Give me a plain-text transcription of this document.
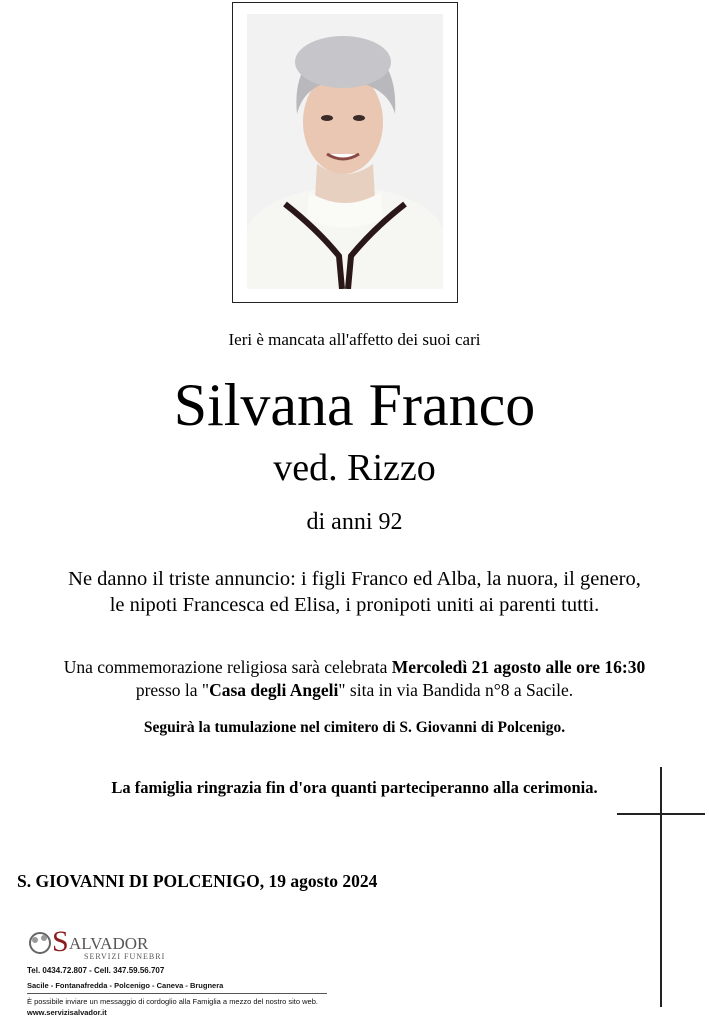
Ieri è mancata all'affetto dei suoi cari
Silvana Franco
ved. Rizzo
di anni 92
Ne danno il triste annuncio: i figli Franco ed Alba, la nuora, il genero,
le nipoti Francesca ed Elisa, i pronipoti uniti ai parenti tutti.
Una commemorazione religiosa sarà celebrata Mercoledì 21 agosto alle ore 16:30
presso la "Casa degli Angeli" sita in via Bandida n°8 a Sacile.
Seguirà la tumulazione nel cimitero di S. Giovanni di Polcenigo.
La famiglia ringrazia fin d'ora quanti parteciperanno alla cerimonia.
S. GIOVANNI DI POLCENIGO, 19 agosto 2024
S ALVADOR
SERVIZI FUNEBRI
Tel. 0434.72.807 - Cell. 347.59.56.707
Sacile - Fontanafredda - Polcenigo - Caneva - Brugnera
È possibile inviare un messaggio di cordoglio alla Famiglia a mezzo del nostro sito web.
www.servizisalvador.it
